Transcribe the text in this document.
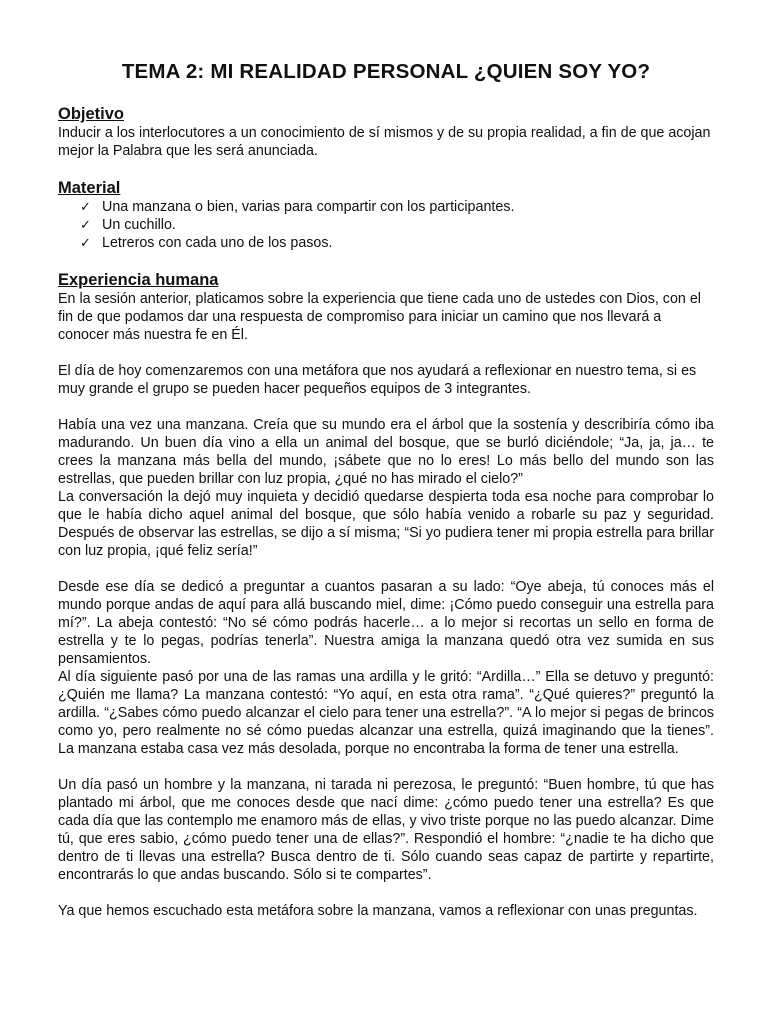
TEMA 2: MI REALIDAD PERSONAL ¿QUIEN SOY YO?
Objetivo

Inducir a los interlocutores a un conocimiento de sí mismos y de su propia realidad, a fin de que acojan mejor la Palabra que les será anunciada.

Material
✓ Una manzana o bien, varias para compartir con los participantes.
✓ Un cuchillo.
✓ Letreros con cada uno de los pasos.
Experiencia humana

En la sesión anterior, platicamos sobre la experiencia que tiene cada uno de ustedes con Dios, con el fin de que podamos dar una respuesta de compromiso para iniciar un camino que nos llevará a conocer más nuestra fe en Él.

El día de hoy comenzaremos con una metáfora que nos ayudará a reflexionar en nuestro tema, si es muy grande el grupo se pueden hacer pequeños equipos de 3 integrantes.

Había una vez una manzana. Creía que su mundo era el árbol que la sostenía y describiría cómo iba madurando. Un buen día vino a ella un animal del bosque, que se burló diciéndole; “Ja, ja, ja… te crees la manzana más bella del mundo, ¡sábete que no lo eres! Lo más bello del mundo son las estrellas, que pueden brillar con luz propia, ¿qué no has mirado el cielo?”

La conversación la dejó muy inquieta y decidió quedarse despierta toda esa noche para comprobar lo que le había dicho aquel animal del bosque, que sólo había venido a robarle su paz y seguridad. Después de observar las estrellas, se dijo a sí misma; “Si yo pudiera tener mi propia estrella para brillar con luz propia, ¡qué feliz sería!”

Desde ese día se dedicó a preguntar a cuantos pasaran a su lado: “Oye abeja, tú conoces más el mundo porque andas de aquí para allá buscando miel, dime: ¡Cómo puedo conseguir una estrella para mí?”. La abeja contestó: “No sé cómo podrás hacerle… a lo mejor si recortas un sello en forma de estrella y te lo pegas, podrías tenerla”. Nuestra amiga la manzana quedó otra vez sumida en sus pensamientos.

Al día siguiente pasó por una de las ramas una ardilla y le gritó: “Ardilla…” Ella se detuvo y preguntó: ¿Quién me llama? La manzana contestó: “Yo aquí, en esta otra rama”. “¿Qué quieres?” preguntó la ardilla. “¿Sabes cómo puedo alcanzar el cielo para tener una estrella?”. “A lo mejor si pegas de brincos como yo, pero realmente no sé cómo puedas alcanzar una estrella, quizá imaginando que la tienes”. La manzana estaba casa vez más desolada, porque no encontraba la forma de tener una estrella.

Un día pasó un hombre y la manzana, ni tarada ni perezosa, le preguntó: “Buen hombre, tú que has plantado mi árbol, que me conoces desde que nací dime: ¿cómo puedo tener una estrella? Es que cada día que las contemplo me enamoro más de ellas, y vivo triste porque no las puedo alcanzar. Dime tú, que eres sabio, ¿cómo puedo tener una de ellas?”. Respondió el hombre: “¿nadie te ha dicho que dentro de ti llevas una estrella? Busca dentro de ti. Sólo cuando seas capaz de partirte y repartirte, encontrarás lo que andas buscando. Sólo si te compartes”.

Ya que hemos escuchado esta metáfora sobre la manzana, vamos a reflexionar con unas preguntas.
